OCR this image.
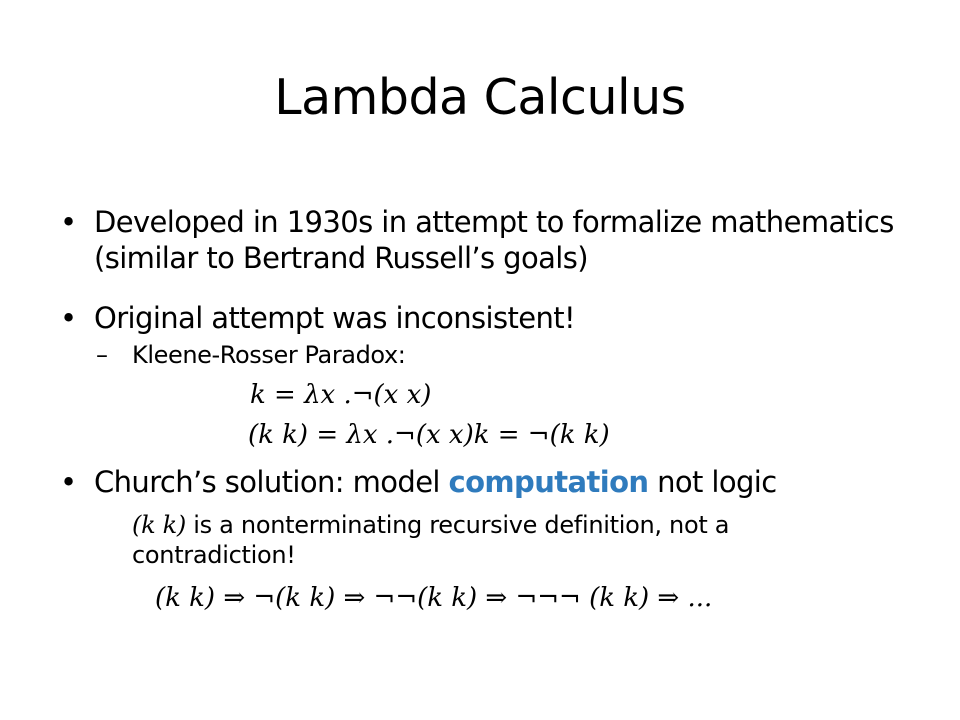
Lambda Calculus
• Developed in 1930s in attempt to formalize mathematics (similar to Bertrand Russell’s goals)
• Original attempt was inconsistent!
– Kleene-Rosser Paradox:
k = λx .¬(x x)
(k k) = λx .¬(x x)k = ¬(k k)
• Church’s solution: model computation not logic
(k k) is a nonterminating recursive definition, not a contradiction!
(k k) ⇒ ¬(k k) ⇒ ¬¬(k k) ⇒ ¬¬¬ (k k) ⇒ ...
